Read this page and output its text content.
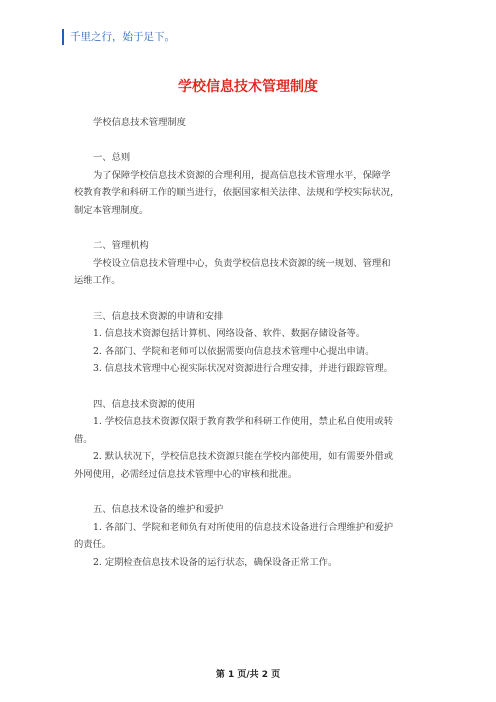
千里之行，始于足下。
学校信息技术管理制度

学校信息技术管理制度

一、总则

为了保障学校信息技术资源的合理利用，提高信息技术管理水平，保障学

校教育教学和科研工作的顺当进行，依据国家相关法律、法规和学校实际状况，

制定本管理制度。

二、管理机构

学校设立信息技术管理中心，负责学校信息技术资源的统一规划、管理和

运维工作。

三、信息技术资源的申请和安排

1. 信息技术资源包括计算机、网络设备、软件、数据存储设备等。

2. 各部门、学院和老师可以依据需要向信息技术管理中心提出申请。

3. 信息技术管理中心视实际状况对资源进行合理安排，并进行跟踪管理。

四、信息技术资源的使用

1. 学校信息技术资源仅限于教育教学和科研工作使用，禁止私自使用或转

借。

2. 默认状况下，学校信息技术资源只能在学校内部使用，如有需要外借或

外网使用，必需经过信息技术管理中心的审核和批准。

五、信息技术设备的维护和爱护

1. 各部门、学院和老师负有对所使用的信息技术设备进行合理维护和爱护

的责任。

2. 定期检查信息技术设备的运行状态，确保设备正常工作。

第 1 页/共 2 页
